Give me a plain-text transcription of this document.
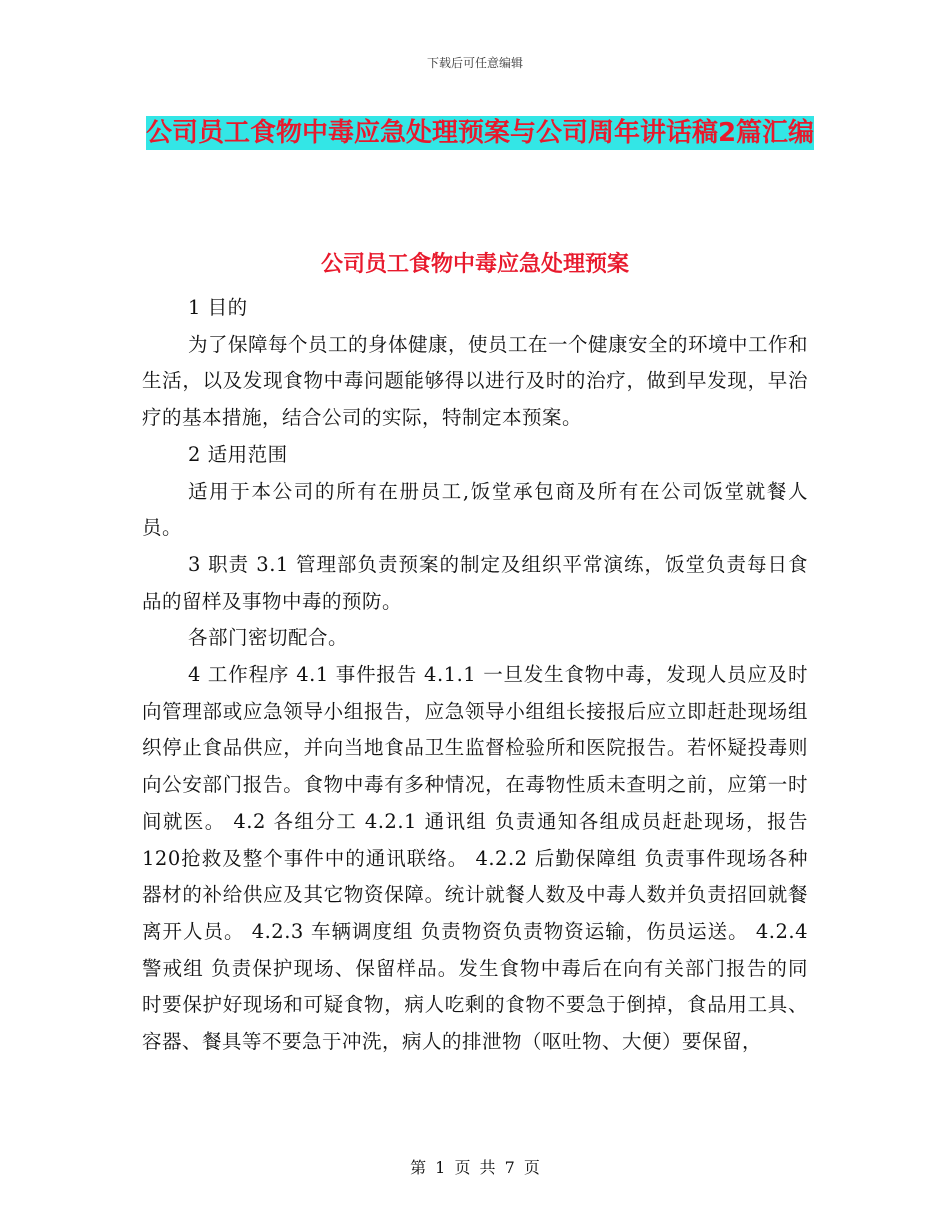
下载后可任意编辑
公司员工食物中毒应急处理预案与公司周年讲话稿2篇汇编
公司员工食物中毒应急处理预案

1 目的

为了保障每个员工的身体健康，使员工在一个健康安全的环境中工作和生活，以及发现食物中毒问题能够得以进行及时的治疗，做到早发现，早治疗的基本措施，结合公司的实际，特制定本预案。

2 适用范围

适用于本公司的所有在册员工,饭堂承包商及所有在公司饭堂就餐人员。

3 职责 3.1 管理部负责预案的制定及组织平常演练，饭堂负责每日食品的留样及事物中毒的预防。

各部门密切配合。

4 工作程序 4.1 事件报告 4.1.1 一旦发生食物中毒，发现人员应及时向管理部或应急领导小组报告，应急领导小组组长接报后应立即赶赴现场组织停止食品供应，并向当地食品卫生监督检验所和医院报告。若怀疑投毒则向公安部门报告。食物中毒有多种情况，在毒物性质未查明之前，应第一时间就医。 4.2 各组分工 4.2.1 通讯组 负责通知各组成员赶赴现场，报告120抢救及整个事件中的通讯联络。 4.2.2 后勤保障组 负责事件现场各种器材的补给供应及其它物资保障。统计就餐人数及中毒人数并负责招回就餐离开人员。 4.2.3 车辆调度组 负责物资负责物资运输，伤员运送。 4.2.4 警戒组 负责保护现场、保留样品。发生食物中毒后在向有关部门报告的同时要保护好现场和可疑食物，病人吃剩的食物不要急于倒掉，食品用工具、容器、餐具等不要急于冲洗，病人的排泄物（呕吐物、大便）要保留，

第 1 页 共 7 页
